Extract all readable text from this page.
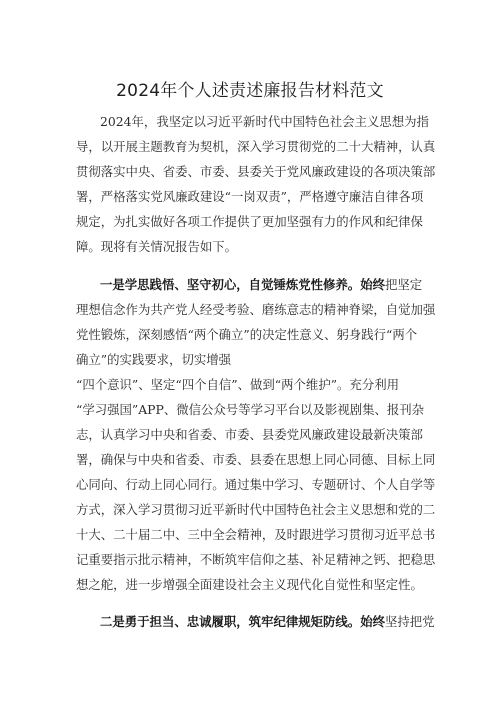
2024年个人述责述廉报告材料范文
2024年，我坚定以习近平新时代中国特色社会主义思想为指
导，以开展主题教育为契机，深入学习贯彻党的二十大精神，认真
贯彻落实中央、省委、市委、县委关于党风廉政建设的各项决策部
署，严格落实党风廉政建设“一岗双责”，严格遵守廉洁自律各项
规定，为扎实做好各项工作提供了更加坚强有力的作风和纪律保
障。现将有关情况报告如下。
一是学思践悟、坚守初心，自觉锤炼党性修养。始终把坚定
理想信念作为共产党人经受考验、磨练意志的精神脊梁，自觉加强
党性锻炼，深刻感悟“两个确立”的决定性意义、躬身践行“两个
确立”的实践要求，切实增强
“四个意识”、坚定“四个自信”、做到“两个维护”。充分利用
“学习强国”APP、微信公众号等学习平台以及影视剧集、报刊杂
志，认真学习中央和省委、市委、县委党风廉政建设最新决策部
署，确保与中央和省委、市委、县委在思想上同心同德、目标上同
心同向、行动上同心同行。通过集中学习、专题研讨、个人自学等
方式，深入学习贯彻习近平新时代中国特色社会主义思想和党的二
十大、二十届二中、三中全会精神，及时跟进学习贯彻习近平总书
记重要指示批示精神，不断筑牢信仰之基、补足精神之钙、把稳思
想之舵，进一步增强全面建设社会主义现代化自觉性和坚定性。
二是勇于担当、忠诚履职，筑牢纪律规矩防线。始终坚持把党
